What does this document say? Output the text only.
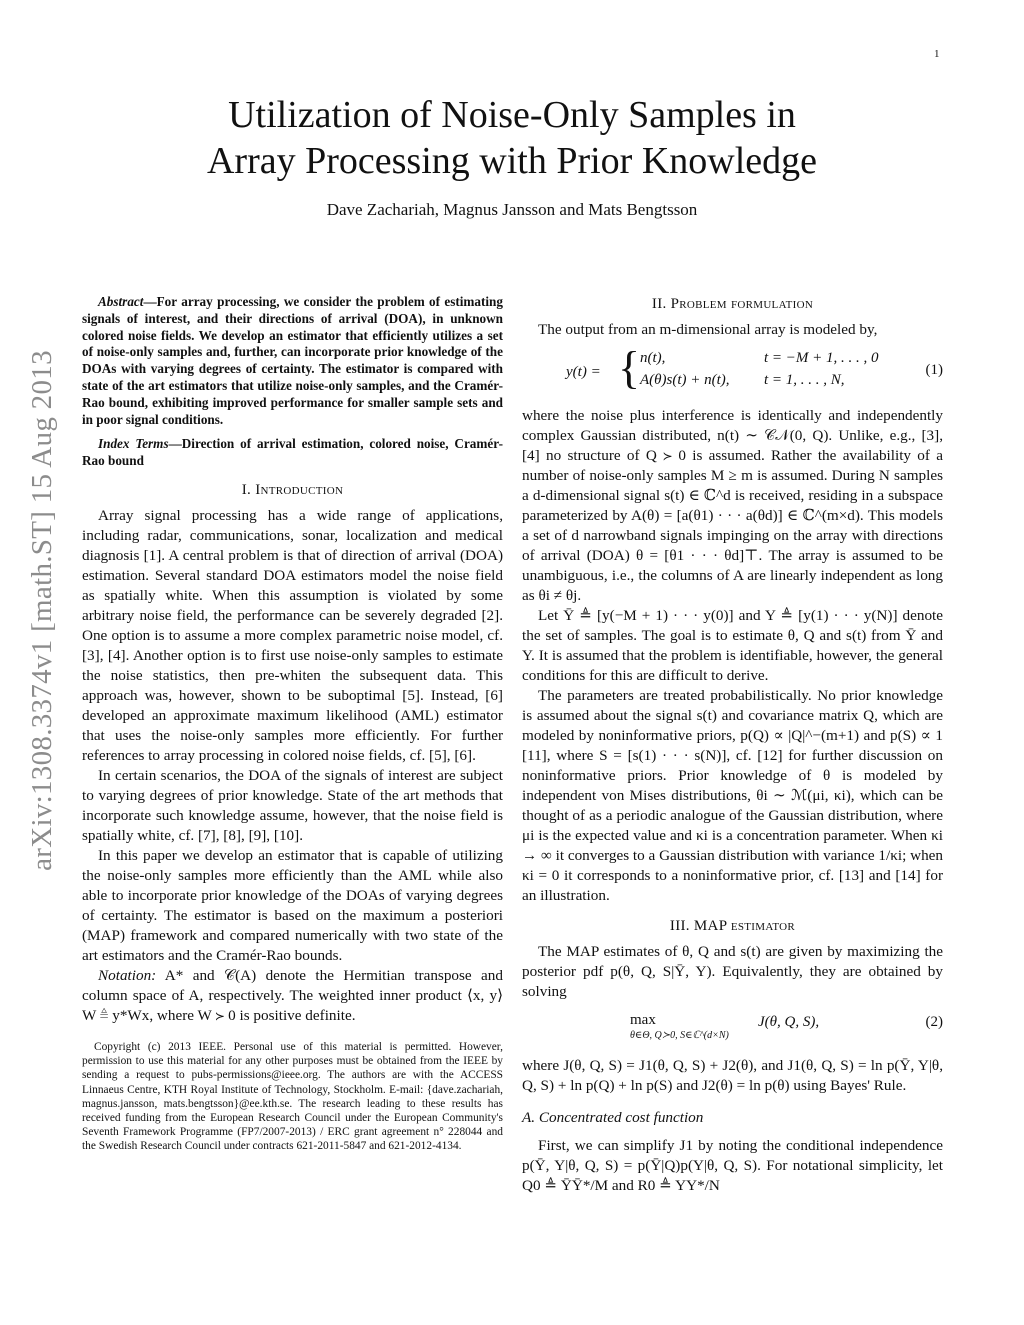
1
Utilization of Noise-Only Samples in
Array Processing with Prior Knowledge
Dave Zachariah, Magnus Jansson and Mats Bengtsson
arXiv:1308.3374v1 [math.ST] 15 Aug 2013

Abstract—For array processing, we consider the problem of estimating signals of interest, and their directions of arrival (DOA), in unknown colored noise fields. We develop an estimator that efficiently utilizes a set of noise-only samples and, further, can incorporate prior knowledge of the DOAs with varying degrees of certainty. The estimator is compared with state of the art estimators that utilize noise-only samples, and the Cramér-Rao bound, exhibiting improved performance for smaller sample sets and in poor signal conditions.

Index Terms—Direction of arrival estimation, colored noise, Cramér-Rao bound

I. Introduction

Array signal processing has a wide range of applications, including radar, communications, sonar, localization and medical diagnosis [1]. A central problem is that of direction of arrival (DOA) estimation. Several standard DOA estimators model the noise field as spatially white. When this assumption is violated by some arbitrary noise field, the performance can be severely degraded [2]. One option is to assume a more complex parametric noise model, cf. [3], [4]. Another option is to first use noise-only samples to estimate the noise statistics, then pre-whiten the subsequent data. This approach was, however, shown to be suboptimal [5]. Instead, [6] developed an approximate maximum likelihood (AML) estimator that uses the noise-only samples more efficiently. For further references to array processing in colored noise fields, cf. [5], [6].

In certain scenarios, the DOA of the signals of interest are subject to varying degrees of prior knowledge. State of the art methods that incorporate such knowledge assume, however, that the noise field is spatially white, cf. [7], [8], [9], [10].

In this paper we develop an estimator that is capable of utilizing the noise-only samples more efficiently than the AML while also able to incorporate prior knowledge of the DOAs of varying degrees of certainty. The estimator is based on the maximum a posteriori (MAP) framework and compared numerically with two state of the art estimators and the Cramér-Rao bounds.

Notation: A* and 𝒞(A) denote the Hermitian transpose and column space of A, respectively. The weighted inner product ⟨x, y⟩W ≜ y*Wx, where W ≻ 0 is positive definite.

Copyright (c) 2013 IEEE. Personal use of this material is permitted. However, permission to use this material for any other purposes must be obtained from the IEEE by sending a request to pubs-permissions@ieee.org. The authors are with the ACCESS Linnaeus Centre, KTH Royal Institute of Technology, Stockholm. E-mail: {dave.zachariah, magnus.jansson, mats.bengtsson}@ee.kth.se. The research leading to these results has received funding from the European Research Council under the European Community's Seventh Framework Programme (FP7/2007-2013) / ERC grant agreement n° 228044 and the Swedish Research Council under contracts 621-2011-5847 and 621-2012-4134.

II. Problem formulation

The output from an m-dimensional array is modeled by,

y(t) = { n(t),	t = −M + 1, . . . , 0
A(θ)s(t) + n(t), t = 1, . . . , N,
(1)

where the noise plus interference is identically and independently complex Gaussian distributed, n(t) ∼ 𝒞𝒩(0, Q). Unlike, e.g., [3], [4] no structure of Q ≻ 0 is assumed. Rather the availability of a number of noise-only samples M ≥ m is assumed. During N samples a d-dimensional signal s(t) ∈ ℂ^d is received, residing in a subspace parameterized by A(θ) = [a(θ1) · · · a(θd)] ∈ ℂ^(m×d). This models a set of d narrowband signals impinging on the array with directions of arrival (DOA) θ = [θ1 · · · θd]⊤. The array is assumed to be unambiguous, i.e., the columns of A are linearly independent as long as θi ≠ θj.

Let Ȳ ≜ [y(−M + 1) · · · y(0)] and Y ≜ [y(1) · · · y(N)] denote the set of samples. The goal is to estimate θ, Q and s(t) from Ȳ and Y. It is assumed that the problem is identifiable, however, the general conditions for this are difficult to derive.

The parameters are treated probabilistically. No prior knowledge is assumed about the signal s(t) and covariance matrix Q, which are modeled by noninformative priors, p(Q) ∝ |Q|^−(m+1) and p(S) ∝ 1 [11], where S = [s(1) · · · s(N)], cf. [12] for further discussion on noninformative priors. Prior knowledge of θ is modeled by independent von Mises distributions, θi ∼ ℳ(μi, κi), which can be thought of as a periodic analogue of the Gaussian distribution, where μi is the expected value and κi is a concentration parameter. When κi → ∞ it converges to a Gaussian distribution with variance 1/κi; when κi = 0 it corresponds to a noninformative prior, cf. [13] and [14] for an illustration.

III. MAP estimator

The MAP estimates of θ, Q and s(t) are given by maximizing the posterior pdf p(θ, Q, S|Ȳ, Y). Equivalently, they are obtained by solving

max
θ∈Θ, Q≻0, S∈ℂ^(d×N)
J(θ, Q, S),	(2)

where J(θ, Q, S) = J1(θ, Q, S) + J2(θ), and J1(θ, Q, S) = ln p(Ȳ, Y|θ, Q, S) + ln p(Q) + ln p(S) and J2(θ) = ln p(θ) using Bayes' Rule.

A. Concentrated cost function

First, we can simplify J1 by noting the conditional independence p(Ȳ, Y|θ, Q, S) = p(Ȳ|Q)p(Y|θ, Q, S). For notational simplicity, let Q0 ≜ ȲȲ*/M and R0 ≜ YY*/N
